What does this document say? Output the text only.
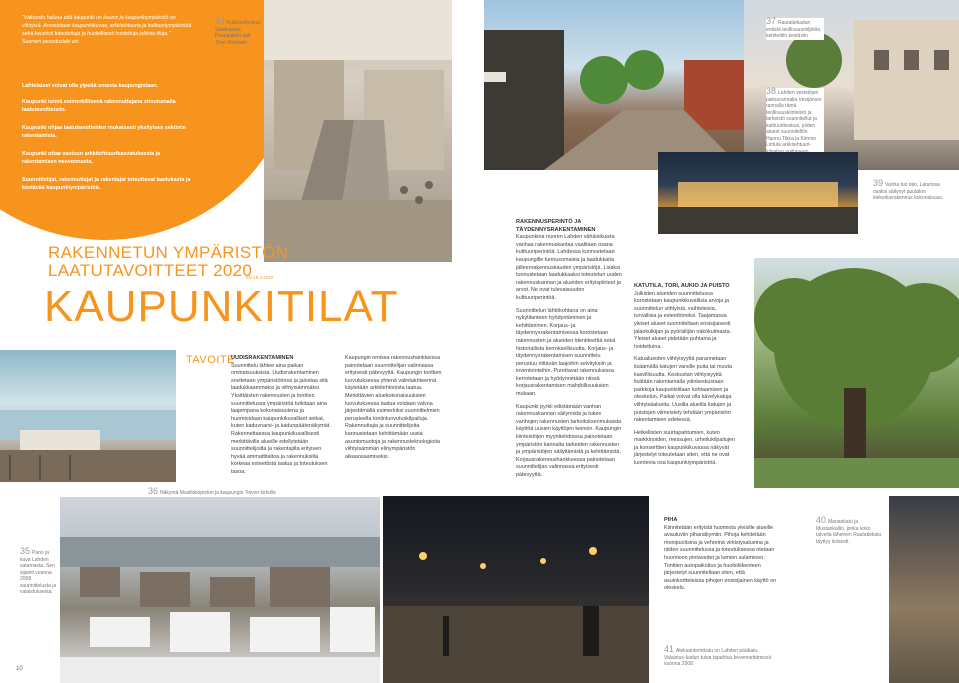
"Valtuusto haluaa että kaupunki on kaunis ja kaupunkiympäristö on viihtyisä. Arvostetaan kaupunkikuvaa, arkkitehtuuria ja kulttuuriympäristöä sekä kauniisti toteutettuja ja huolellisesti hoidettuja julkisia tiloja."
Suomen perustuslaki art.
Lahtelaiset voivat olla ylpeitä omasta kaupungistaan.
Kaupunki toimii esimerkillisenä rakennuttajana sitoutumalla laatutavoitteisiin.
Kaupunki ohjaa laatutavoitteiden mukaisesti yksityisen sektorin rakentamista.
Kaupunki ottaa vastuun arkkitehtuurikasvatuksesta ja rakentamisen neuvonnasta.
Suunnittelijat, rakennuttajat ja rakentajat toteuttavat laadukasta ja kestävää kaupunkiympäristöä.
34 Kulttuurikeskus Sibeliustalo. Puupalatsin sali. Timo Kivikoski
RAKENNETUN YMPÄRISTÖN
LAATUTAVOITTEET 2020
KV 19.4.2010
KAUPUNKITILAT
TAVOITE
UUDISRAKENTAMINEN
Suunnittelu lähtee aina paikan ominaisuuksista. Uudisrakentaminen sovitetaan ympäristöönsä ja jalostaa sitä laadukkaammaksi ja viihtyisämmäksi. Yksittäisten rakennusten ja tonttien suunnittelussa ympäristöä tutkitaan aina laajempana kokonaisuutena ja huomioidaan kaupunkikuvalliset seikat, kuten kaduvnarsi- ja kadunpäätenäkymät. Rakennettaessa kaupunkikuvallisesti merkittäville alueille edellytetään suunnittelijoilta ja rakentajilta erityisen hyvää ammattitaitoa ja rakennuksilta korkeaa esteettistä laatua ja toteutuksen tasoa.
Kaupungin omissa rakennushankkeissa painotetaan suunnittelijan valinnassa erityisesti pätevyyttä. Kaupungin tonttien luovutuksessa yhtenä valintakriteerinä käytetään arkkitehtonista laatua. Merkittävien aluekokonaisuuksien luovutuksessa laatua voidaan valvoa järjestämällä esimerkiksi suunnittelmien perusteella tontinluovutuskilpailuja. Rakennuttajia ja suunnittelijoita kannustetaan kehittämään uusia asuntomuotoja ja rakennusteknologioita viihtyisämmän elinympäristön aikaansaamiseksi.
36 Näkymä Musiikkiopiston ja kaupungin Toivon kirkolle
35 Pano ja kuva Lahden satamasta. Sen sijainti vuonna 2008 suunnittelusta ja valaistuksesta.
10
37 Rautatiekadun entistä teollisuusmiljööta kehitettiin kestäviin
38 Lahden vesistöjen paksurannalla Vesijärven rannalla tämä teollisuuskiinteistö ja tarkeistö suunnitellut ja kulttuurikeskus, joiden alueet suunniteltiin. Hannu Tikka ja Kimmo Lintula arkkitehtuuri-
39 Vanha tuo talo, Laturissa osaksi säilynyt puutalon kiekoilusrakennus kokonaisuus.
RAKENNUSPERINTÖ JA TÄYDENNYSRAKENTAMINEN
Kaupunkina nuoren Lahden vähäisikuista vanhaa rakennuskantaa vaalitaan osana kulttuuriperintöä. Lahdessa kunnostetaan kaupungille tunnusomaisia ja laadukkaita jälleenrakennuskauden ympäristöjä. Lisäksi tunnustetaan laadukkaaksi toteutetun uuden rakennuskannan ja alueiden erityispiirteet ja arvot. Ne ovat tulevaisuuden kulttuuriperintöä.
Suunnittelun lähtökohtana on aina nykytilanteen hyödyntäminen ja kehittäminen. Korjaus- ja täydennysrakentamisessa korostetaan rakennusten ja alueiden identiteettiä sekä historiallista kerroksellisuutta. Korjaus- ja täydennysrakentamisen suunnittelu perustuu riittävän laajoihin selvityksiin ja inventointeihin. Purettavat rakennuksissa kerrotetaan ja hyödynnetään niissä korjausrakentamisen mahdollisuuksien mukaan.
Kaupunki pyrkii edistämään vanhan rakennuskannan säilymistä ja tukee vanhojen rakennusten tarkoituksenmukaista käyttöä uusien käyttöjen keinoin. Kaupungin kiinteistöjen myyntiehdoissa painotetaan ympäristön kannalta tarkeiden rakennusten ja ympäristöjen säilyttämistä ja kehittämistä. Korjausrakennushankkeessa painotetaan suunnittelijan valinnassa erityisesti pätevyyttä.
KATUTILA, TORI, AUKIO JA PUISTO
Julkisten alueiden suunnittelussa korostetaan kaupunkikuvallisia arvoja ja suunnittelun viihtyisiä, vaihteleivia, turvallisia ja esteettömiksi. Taajamassa yleiset alueet suunnitellaan ensisijaisesti jalankulkijan ja pyöräilijän näkökulmasta. Yleiset alueet pidetään puhtaina ja hoidettuina.
Katualueiden viihtyisyyttä parannetaan lisäämällä katujen varsille puita tai muuta kasvillisuutta. Keskustan viihtyisyyttä lisätään rakentamalla ydinkeskustaan parkkoja kaupunkitilaan kohtaamisen ja oleskelun. Paikat voivat olla kävelykatuja viihtyisäalueita. Uusilla alueilla katujen ja puistojen viimeistely tehdään ympäristön rakentamisen edetessä.
Hetkellisten suurtapahtumien, kuten markkinoiden, messujen, urheilukilpailujen ja konserttien kaupunkikuvassa näkyvät järjestelyt toteutetaan siten, että ne ovat luontevia osa kaupunkiympäristöä.
PIHA
Kiinnitetään erityistä huomiota yleisille alueille avautuviin pihanäkymiin. Pihoja kehitetään monipuolisina ja vehreinä virkistysalueina ja niiden suunnittelussa ja toteutuksessa otetaan huomioon pintavedet ja lumien sulaminen. Tonttien autopaikoitus ja huoltoliikenteen järjestelyt suunnitellaan siten, että asuinkortteleissa pihojen ensisijainen käyttö on oleskelu.
40 Mariankatu ja Mustankallio, jonka koko talvella läheinen Rautatiekatu täyttyy iloisesti.
41 Aleksanterinkatu on Lahden pääkatu. Valaistus-kadun tuloa tapahtuu kevennettämissä vuonna 2008.
11
